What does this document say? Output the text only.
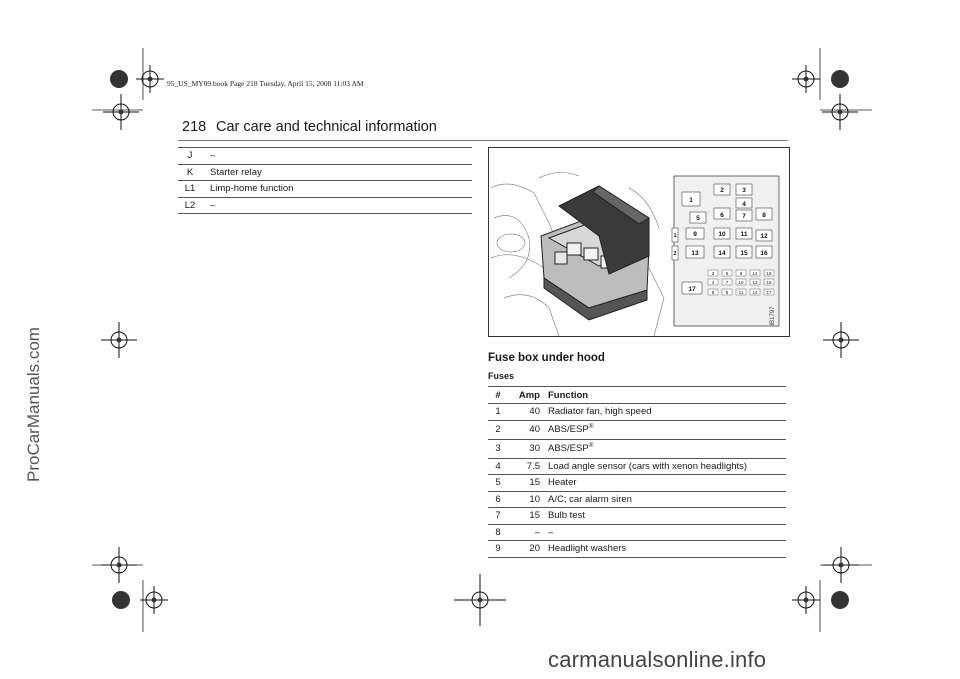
95_US_MY09.book Page 218 Tuesday, April 15, 2008 11:03 AM
ProCarManuals.com
218 Car care and technical information
J	–
K	Starter relay
L1	Limp-home function
L2	–	1
2	3
4
5	6	7	8
9	10 11 12
13	14 15 16
17
1
2
3	6	9 12 15
4	7 10 13 16
5	8 11 14 17
IB1797
Fuse box under hood
Fuses
#	Amp	Function
1	40	Radiator fan, high speed
2	40	ABS/ESP®
3	30	ABS/ESP®
4	7.5	Load angle sensor (cars with xenon headlights)
5	15	Heater
6	10	A/C; car alarm siren
7	15	Bulb test
8	–	–
9	20	Headlight washers
carmanualsonline.info
